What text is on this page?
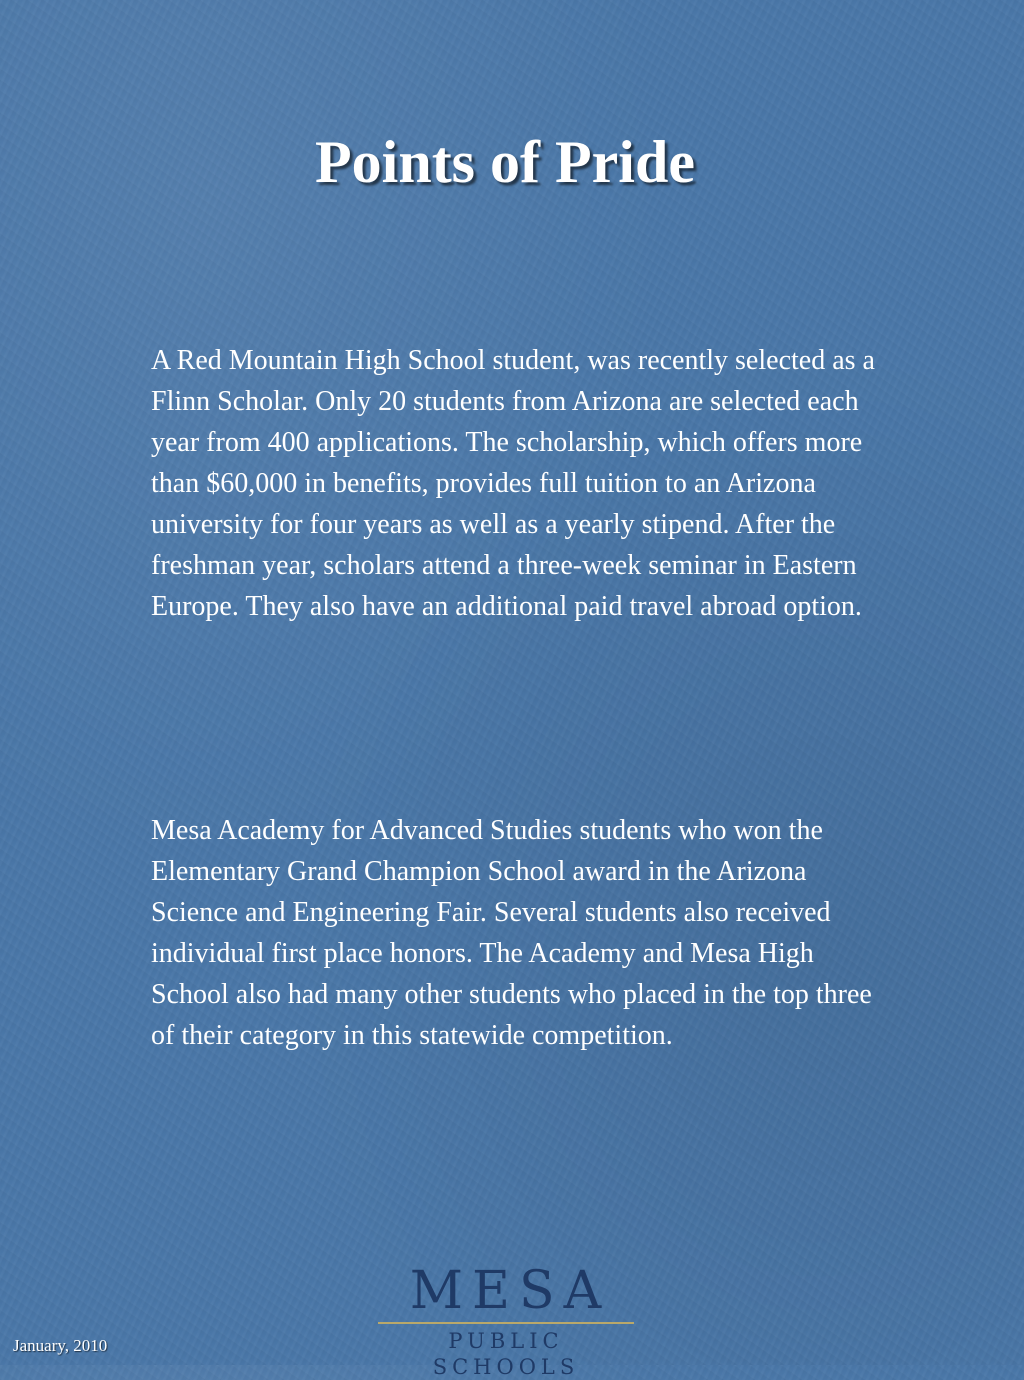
Points of Pride

A Red Mountain High School student, was recently selected as a Flinn Scholar. Only 20 students from Arizona are selected each year from 400 applications. The scholarship, which offers more than $60,000 in benefits, provides full tuition to an Arizona university for four years as well as a yearly stipend. After the freshman year, scholars attend a three-week seminar in Eastern Europe. They also have an additional paid travel abroad option.

Mesa Academy for Advanced Studies students who won the Elementary Grand Champion School award in the Arizona Science and Engineering Fair. Several students also received individual first place honors. The Academy and Mesa High School also had many other students who placed in the top three of their category in this statewide competition.

January, 2010
MESA
PUBLIC SCHOOLS
